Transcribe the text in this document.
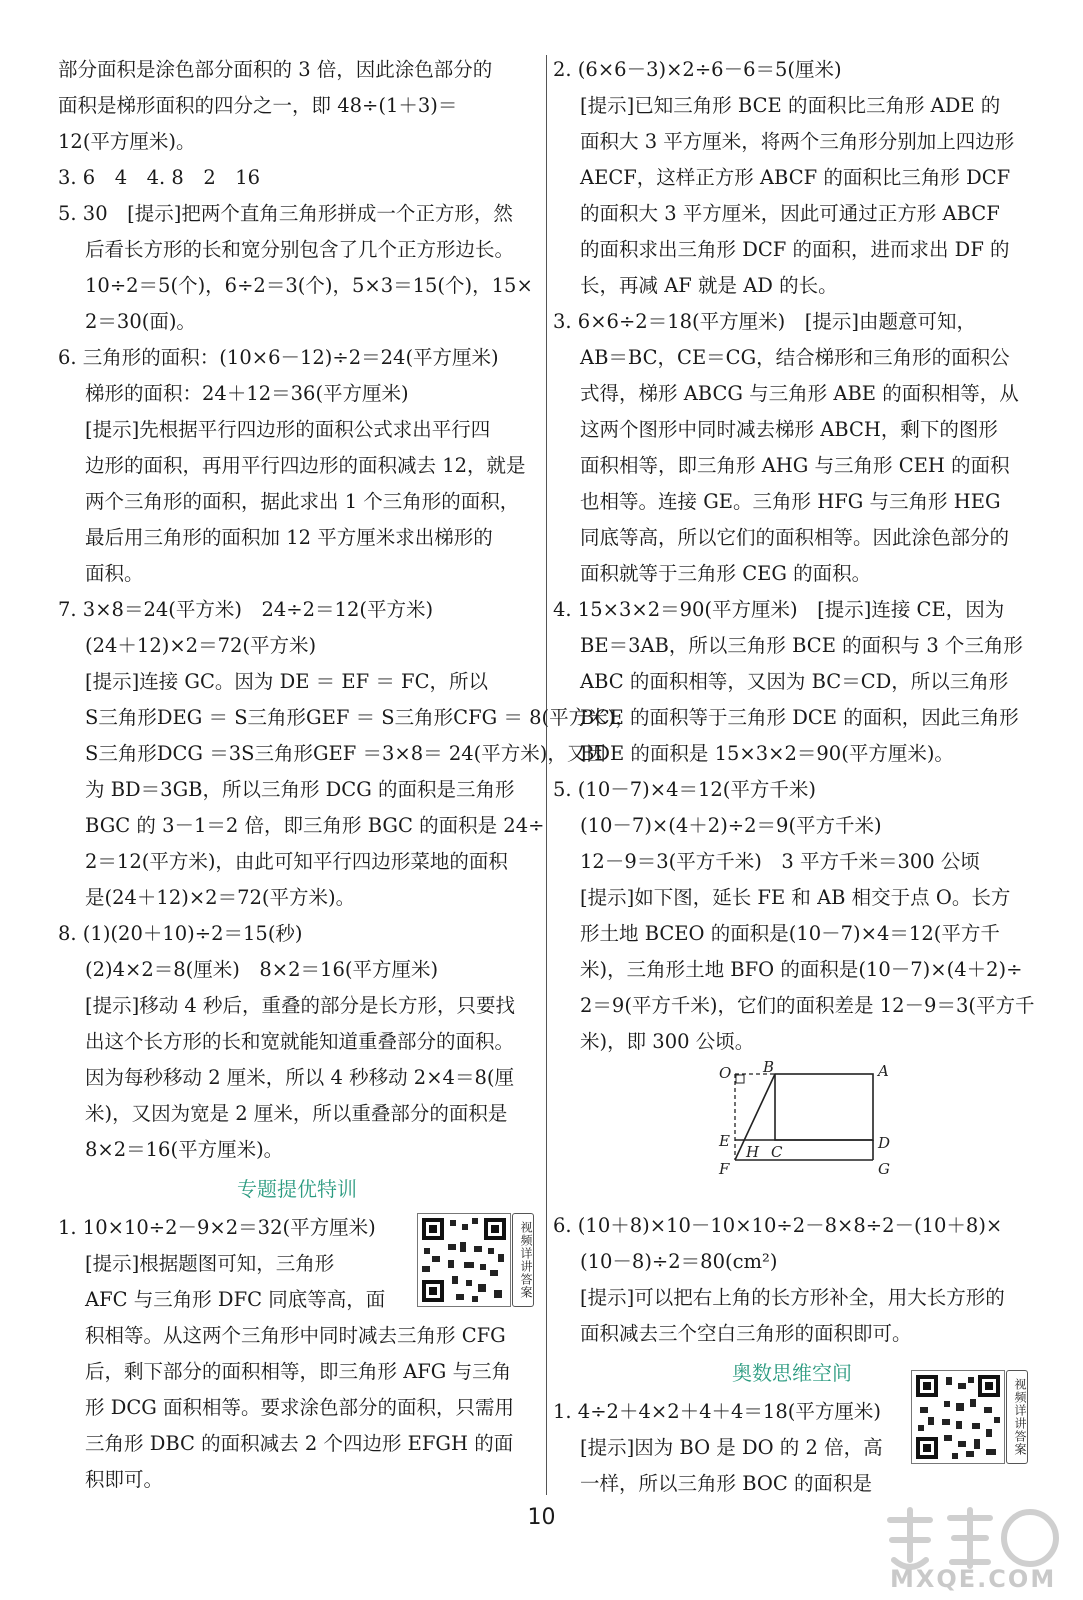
部分面积是涂色部分面积的 3 倍，因此涂色部分的
面积是梯形面积的四分之一，即 48÷(1＋3)＝
12(平方厘米)。
3. 6　4　4. 8　2　16
5. 30　[提示]把两个直角三角形拼成一个正方形，然
后看长方形的长和宽分别包含了几个正方形边长。
10÷2＝5(个)，6÷2＝3(个)，5×3＝15(个)，15×
2＝30(面)。
6. 三角形的面积：(10×6－12)÷2＝24(平方厘米)
梯形的面积：24＋12＝36(平方厘米)
[提示]先根据平行四边形的面积公式求出平行四
边形的面积，再用平行四边形的面积减去 12，就是
两个三角形的面积，据此求出 1 个三角形的面积，
最后用三角形的面积加 12 平方厘米求出梯形的
面积。
7. 3×8＝24(平方米)　24÷2＝12(平方米)
(24＋12)×2＝72(平方米)
[提示]连接 GC。因为 DE ＝ EF ＝ FC，所以
S三角形DEG ＝ S三角形GEF ＝ S三角形CFG ＝ 8(平方米)，
S三角形DCG ＝3S三角形GEF ＝3×8＝ 24(平方米)，又因
为 BD＝3GB，所以三角形 DCG 的面积是三角形
BGC 的 3－1＝2 倍，即三角形 BGC 的面积是 24÷
2＝12(平方米)，由此可知平行四边形菜地的面积
是(24＋12)×2＝72(平方米)。
8. (1)(20＋10)÷2＝15(秒)
(2)4×2＝8(厘米)　8×2＝16(平方厘米)
[提示]移动 4 秒后，重叠的部分是长方形，只要找
出这个长方形的长和宽就能知道重叠部分的面积。
因为每秒移动 2 厘米，所以 4 秒移动 2×4＝8(厘
米)，又因为宽是 2 厘米，所以重叠部分的面积是
8×2＝16(平方厘米)。
专题提优特训
1. 10×10÷2－9×2＝32(平方厘米)
[提示]根据题图可知，三角形
AFC 与三角形 DFC 同底等高，面
积相等。从这两个三角形中同时减去三角形 CFG
后，剩下部分的面积相等，即三角形 AFG 与三角
形 DCG 面积相等。要求涂色部分的面积，只需用
三角形 DBC 的面积减去 2 个四边形 EFGH 的面
积即可。
视频详讲答案
2. (6×6－3)×2÷6－6＝5(厘米)
[提示]已知三角形 BCE 的面积比三角形 ADE 的
面积大 3 平方厘米，将两个三角形分别加上四边形
AECF，这样正方形 ABCF 的面积比三角形 DCF
的面积大 3 平方厘米，因此可通过正方形 ABCF
的面积求出三角形 DCF 的面积，进而求出 DF 的
长，再减 AF 就是 AD 的长。
3. 6×6÷2＝18(平方厘米)　[提示]由题意可知，
AB＝BC，CE＝CG，结合梯形和三角形的面积公
式得，梯形 ABCG 与三角形 ABE 的面积相等，从
这两个图形中同时减去梯形 ABCH，剩下的图形
面积相等，即三角形 AHG 与三角形 CEH 的面积
也相等。连接 GE。三角形 HFG 与三角形 HEG
同底等高，所以它们的面积相等。因此涂色部分的
面积就等于三角形 CEG 的面积。
4. 15×3×2＝90(平方厘米)　[提示]连接 CE，因为
BE＝3AB，所以三角形 BCE 的面积与 3 个三角形
ABC 的面积相等，又因为 BC＝CD，所以三角形
BCE 的面积等于三角形 DCE 的面积，因此三角形
BDE 的面积是 15×3×2＝90(平方厘米)。
5. (10－7)×4＝12(平方千米)
(10－7)×(4＋2)÷2＝9(平方千米)
12－9＝3(平方千米)　3 平方千米＝300 公顷
[提示]如下图，延长 FE 和 AB 相交于点 O。长方
形土地 BCEO 的面积是(10－7)×4＝12(平方千
米)，三角形土地 BFO 的面积是(10－7)×(4＋2)÷
2＝9(平方千米)，它们的面积差是 12－9＝3(平方千
米)，即 300 公顷。
O B	A
E
H C	D
F	G
6. (10＋8)×10－10×10÷2－8×8÷2－(10＋8)×
(10－8)÷2＝80(cm²)
[提示]可以把右上角的长方形补全，用大长方形的
面积减去三个空白三角形的面积即可。
奥数思维空间
1. 4÷2＋4×2＋4＋4＝18(平方厘米)
[提示]因为 BO 是 DO 的 2 倍，高
一样，所以三角形 BOC 的面积是
视频详讲答案
10
MXQE.COM
